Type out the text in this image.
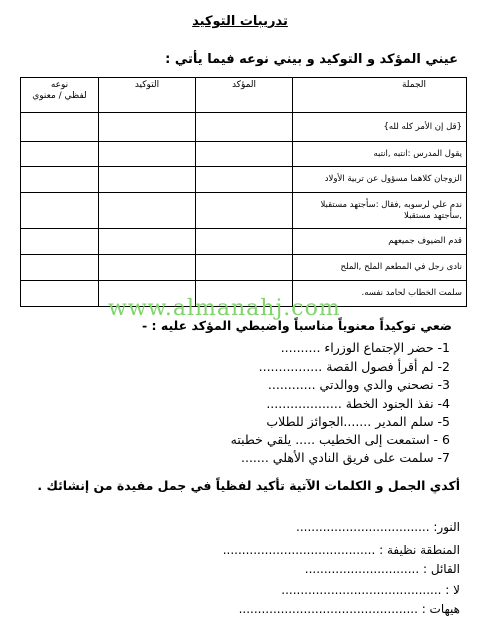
تدريبات التوكيد
عيني المؤكد و التوكيد و بيني نوعه فيما يأتي :
الجملة	المؤكد	التوكيد	نوعه
لفظي / معنوي
{قل إن الأمر كله لله}			
يقول المدرس :انتبه ,انتبه			
الزوجان كلاهما مسؤول عن تربية الأولاد			
ندم علي لرسوبه ,فقال :سأجتهد مستقبلا ,سأجتهد مستقبلا			
قدم الضيوف جميعهم			
نادى رجل في المطعم الملح ,الملح			
سلمت الخطاب لحامد نفسه.			
www.almanahj.com
ضعي توكيداً معنوياً مناسباً واضبطي المؤكد عليه : -
1- حضر الإجتماع الوزراء ..........
2- لم أقرأ فصول القصة ................
3- نصحني والدي ووالدتي ............
4- نفذ الجنود الخطة ...................
5- سلم المدير .......الجوائز للطلاب
6 - استمعت إلى الخطيب ..... يلقي خطبته
7- سلمت على فريق النادي الأهلي .......
أكدي الجمل و الكلمات الآتية تأكيد لفظياً في جمل مفيدة من إنشائك .
النور: ...................................
المنطقة نظيفة : ........................................
القائل : ..............................
لا : ..........................................
هيهات : ...............................................
